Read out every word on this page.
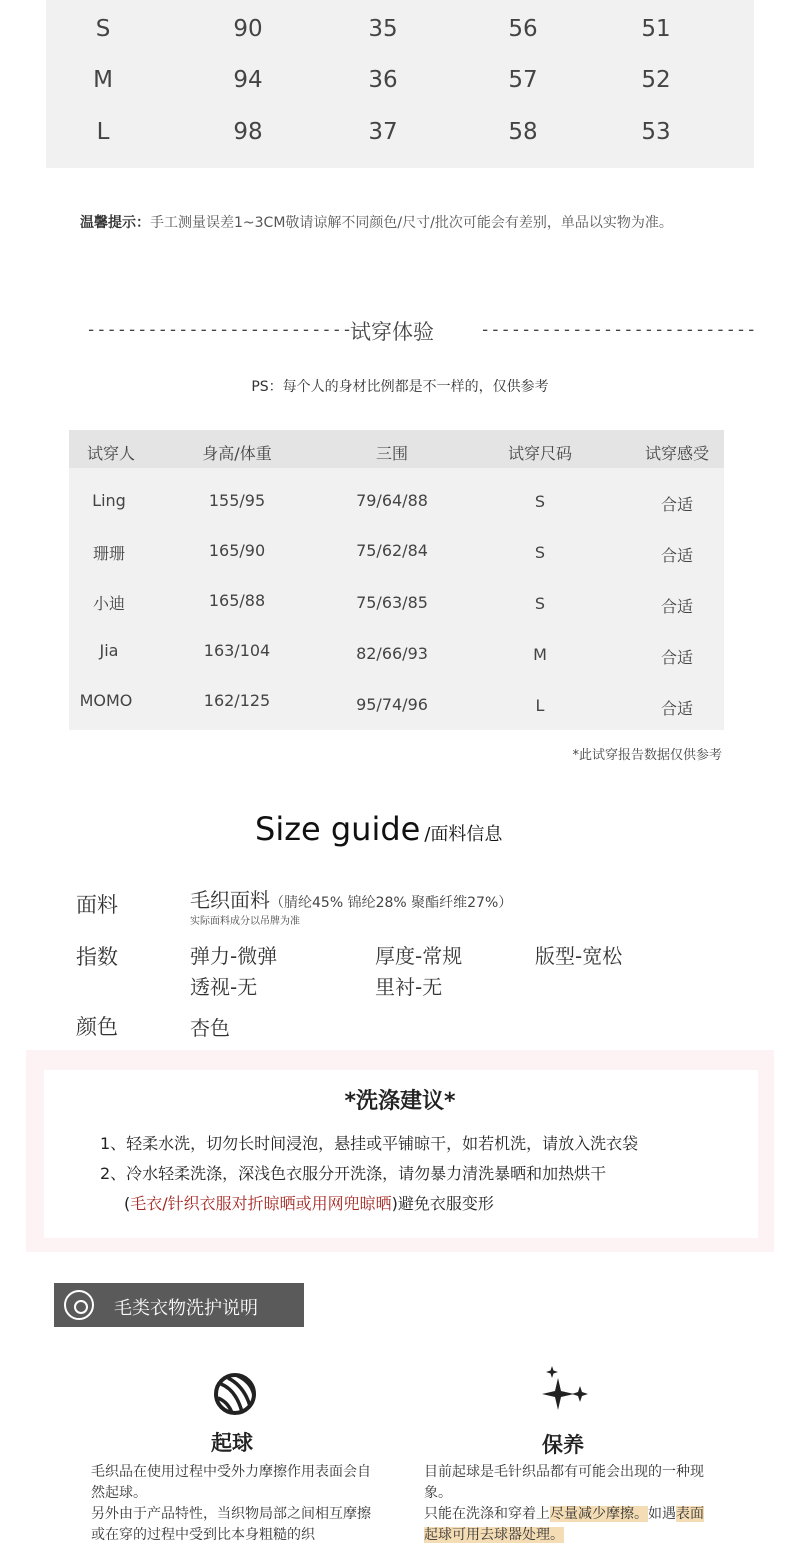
S	90	35	56	51
M	94	36	57	52
L	98	37	58	53
温馨提示：手工测量误差1~3CM敬请谅解不同颜色/尺寸/批次可能会有差别，单品以实物为准。
---------------------------
试穿体验	---------------------------
PS：每个人的身材比例都是不一样的，仅供参考
试穿人	身高/体重	三围	试穿尺码	试穿感受
Ling	155/95	79/64/88	S	合适
珊珊	165/90	75/62/84	S	合适
小迪	165/88	75/63/85	S	合适
Jia	163/104	82/66/93	M	合适
MOMO	162/125	95/74/96	L	合适
*此试穿报告数据仅供参考
Size guide /面料信息
面料	毛织面料（腈纶45% 锦纶28% 聚酯纤维27%）
实际面料成分以吊牌为准
指数	弹力-微弹	厚度-常规	版型-宽松
透视-无	里衬-无
颜色	杏色
*洗涤建议*
1、轻柔水洗，切勿长时间浸泡，悬挂或平铺晾干，如若机洗，请放入洗衣袋
2、冷水轻柔洗涤，深浅色衣服分开洗涤，请勿暴力清洗暴晒和加热烘干
(毛衣/针织衣服对折晾晒或用网兜晾晒)避免衣服变形
毛类衣物洗护说明
起球
毛织品在使用过程中受外力摩擦作用表面会自然起球。
另外由于产品特性，当织物局部之间相互摩擦或在穿的过程中受到比本身粗糙的织
保养
目前起球是毛针织品都有可能会出现的一种现象。
只能在洗涤和穿着上尽量减少摩擦。如遇表面起球可用去球器处理。
